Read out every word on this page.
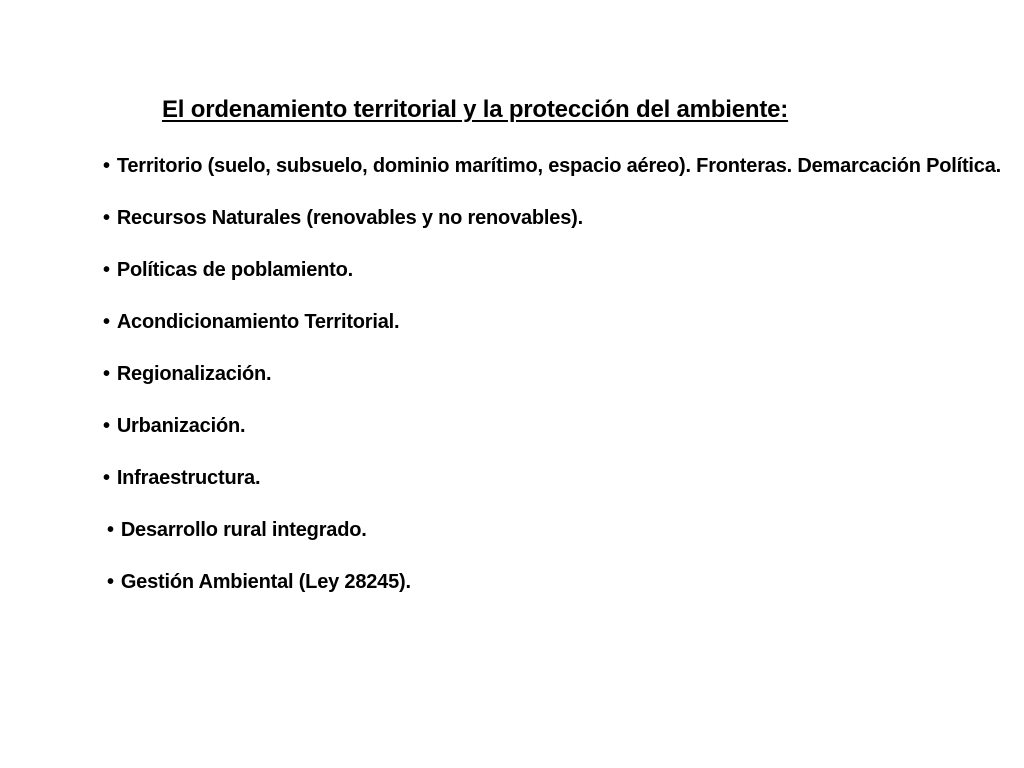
El ordenamiento territorial y la protección del ambiente:
• Territorio (suelo, subsuelo, dominio marítimo, espacio aéreo). Fronteras. Demarcación Política.
• Recursos Naturales (renovables y no renovables).
• Políticas de poblamiento.
• Acondicionamiento Territorial.
• Regionalización.
• Urbanización.
• Infraestructura.
• Desarrollo rural integrado.
• Gestión Ambiental (Ley 28245).
